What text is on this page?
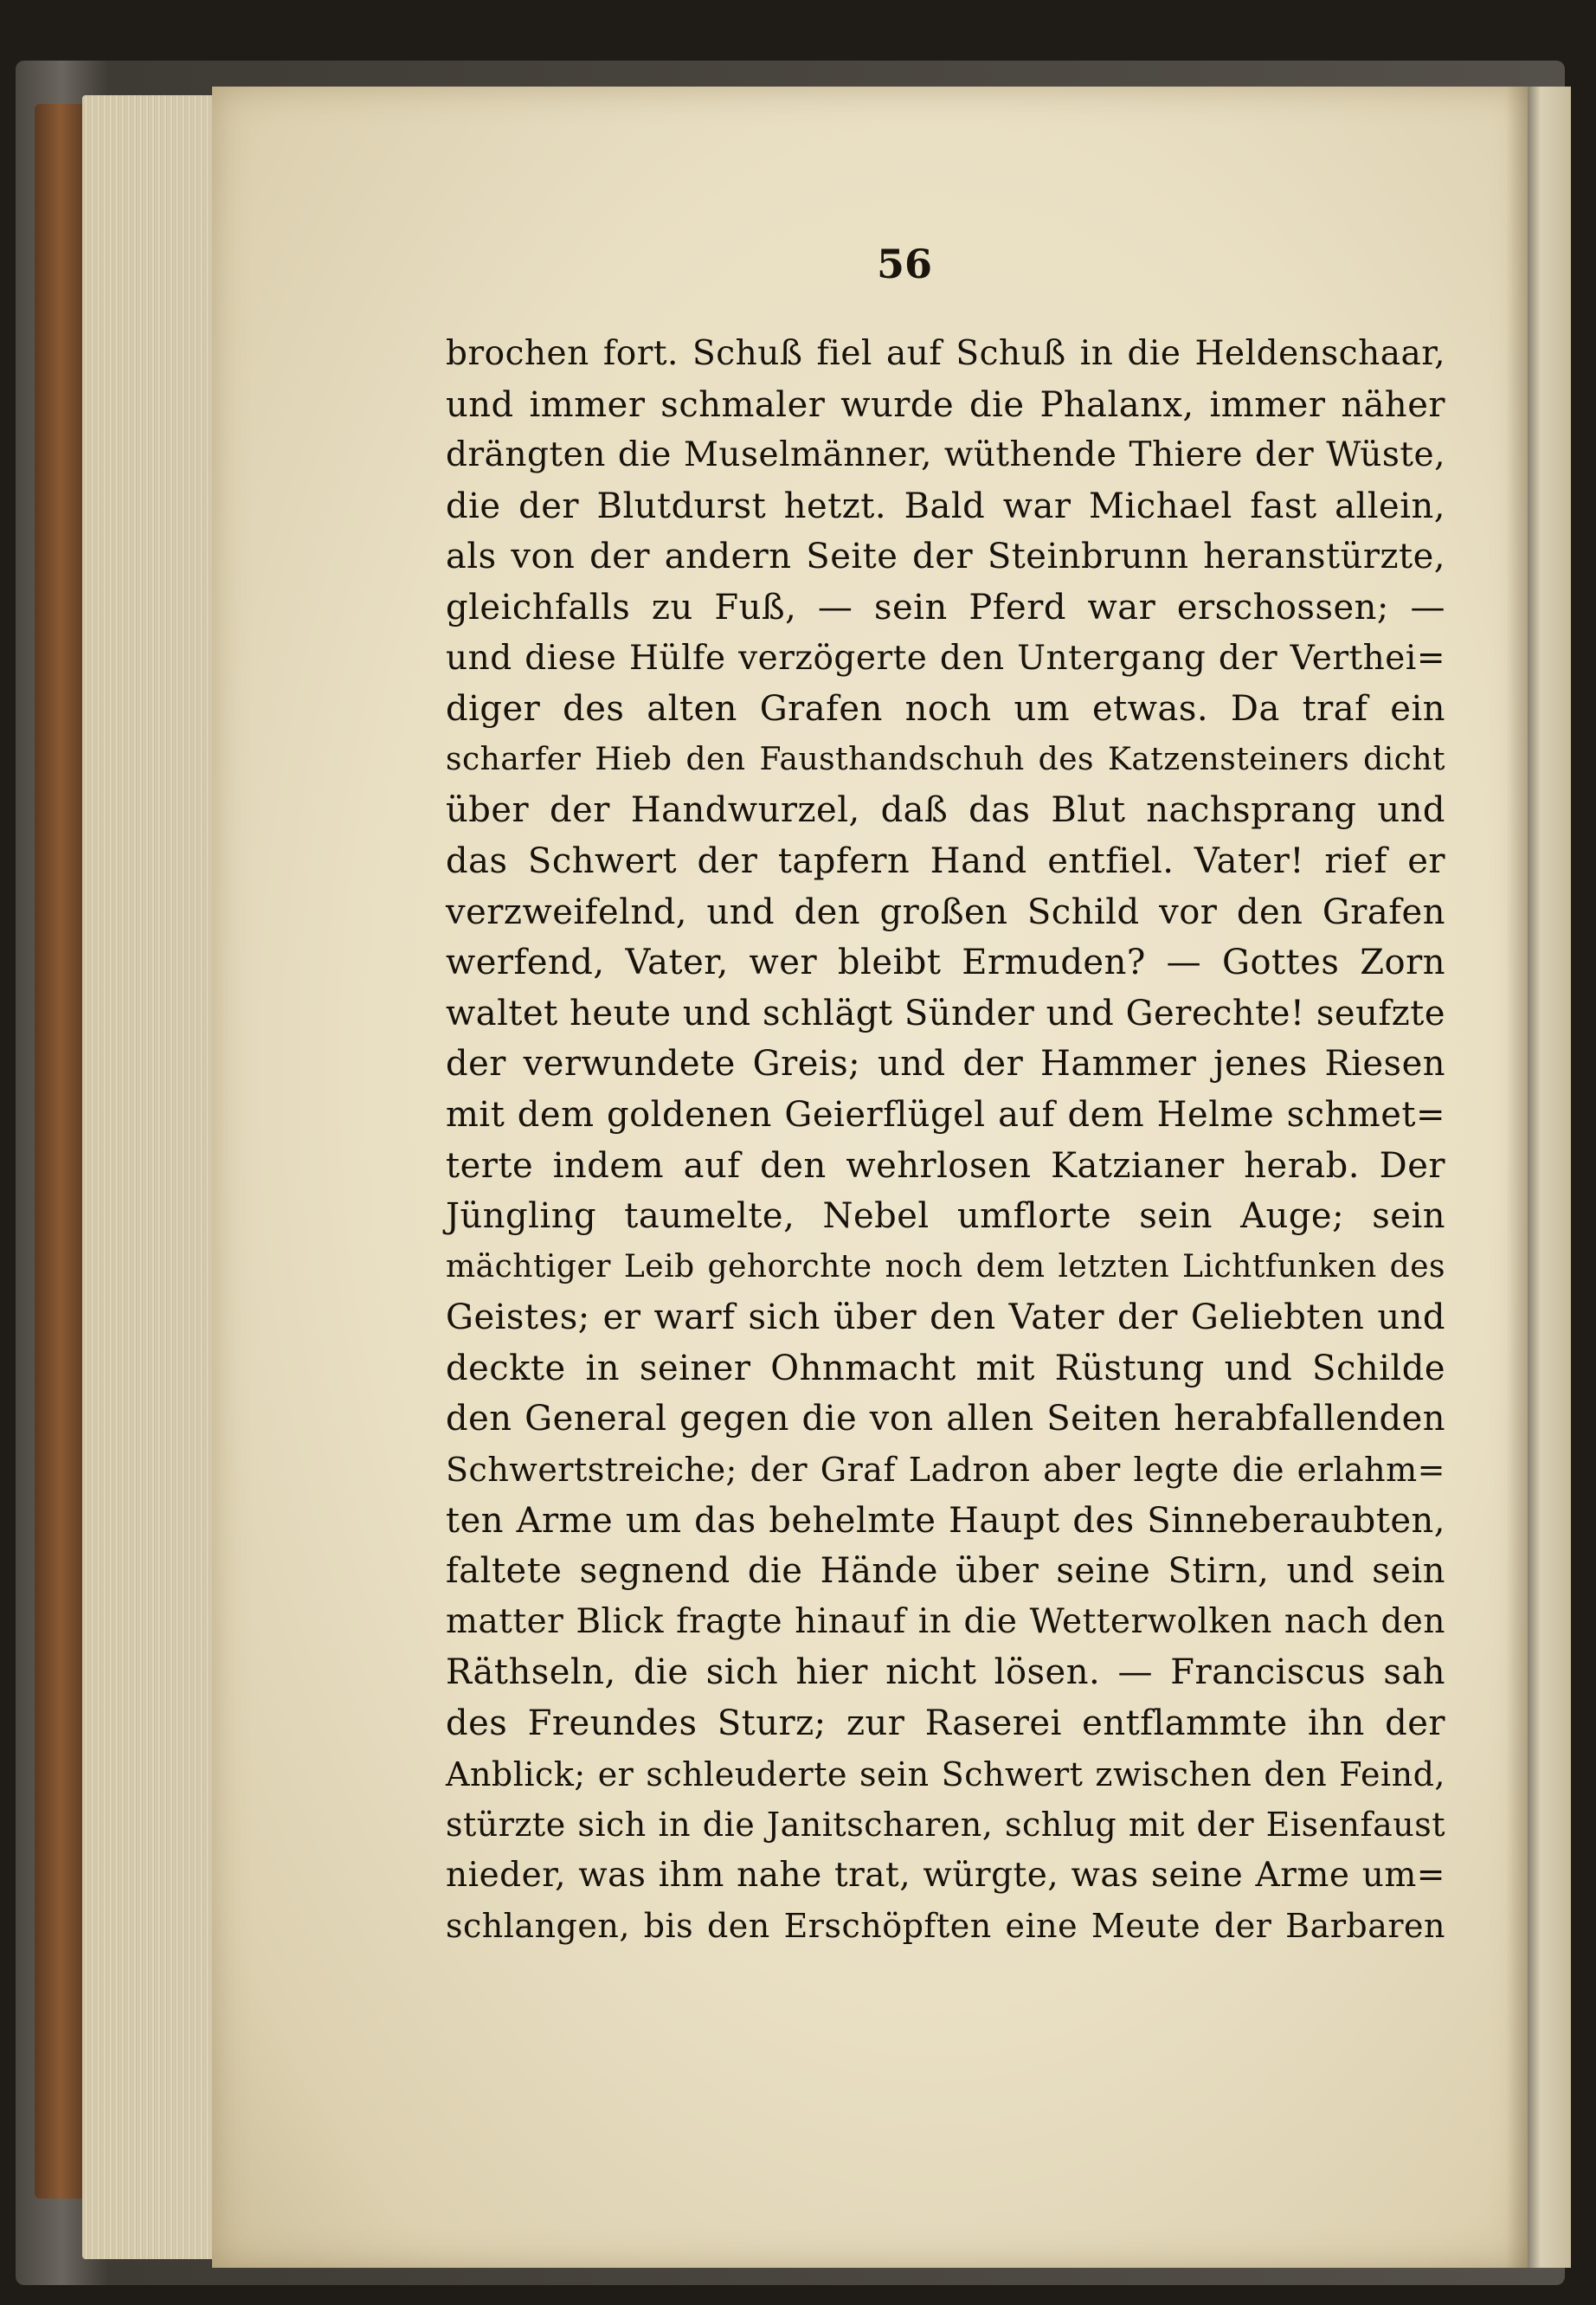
56
brochen fort. Schuß fiel auf Schuß in die Heldenschaar,
und immer schmaler wurde die Phalanx, immer näher
drängten die Muselmänner, wüthende Thiere der Wüste,
die der Blutdurst hetzt. Bald war Michael fast allein,
als von der andern Seite der Steinbrunn heranstürzte,
gleichfalls zu Fuß, — sein Pferd war erschossen; —
und diese Hülfe verzögerte den Untergang der Verthei=
diger des alten Grafen noch um etwas. Da traf ein
scharfer Hieb den Fausthandschuh des Katzensteiners dicht
über der Handwurzel, daß das Blut nachsprang und
das Schwert der tapfern Hand entfiel. Vater! rief er
verzweifelnd, und den großen Schild vor den Grafen
werfend, Vater, wer bleibt Ermuden? — Gottes Zorn
waltet heute und schlägt Sünder und Gerechte! seufzte
der verwundete Greis; und der Hammer jenes Riesen
mit dem goldenen Geierflügel auf dem Helme schmet=
terte indem auf den wehrlosen Katzianer herab. Der
Jüngling taumelte, Nebel umflorte sein Auge; sein
mächtiger Leib gehorchte noch dem letzten Lichtfunken des
Geistes; er warf sich über den Vater der Geliebten und
deckte in seiner Ohnmacht mit Rüstung und Schilde
den General gegen die von allen Seiten herabfallenden
Schwertstreiche; der Graf Ladron aber legte die erlahm=
ten Arme um das behelmte Haupt des Sinneberaubten,
faltete segnend die Hände über seine Stirn, und sein
matter Blick fragte hinauf in die Wetterwolken nach den
Räthseln, die sich hier nicht lösen. — Franciscus sah
des Freundes Sturz; zur Raserei entflammte ihn der
Anblick; er schleuderte sein Schwert zwischen den Feind,
stürzte sich in die Janitscharen, schlug mit der Eisenfaust
nieder, was ihm nahe trat, würgte, was seine Arme um=
schlangen, bis den Erschöpften eine Meute der Barbaren
